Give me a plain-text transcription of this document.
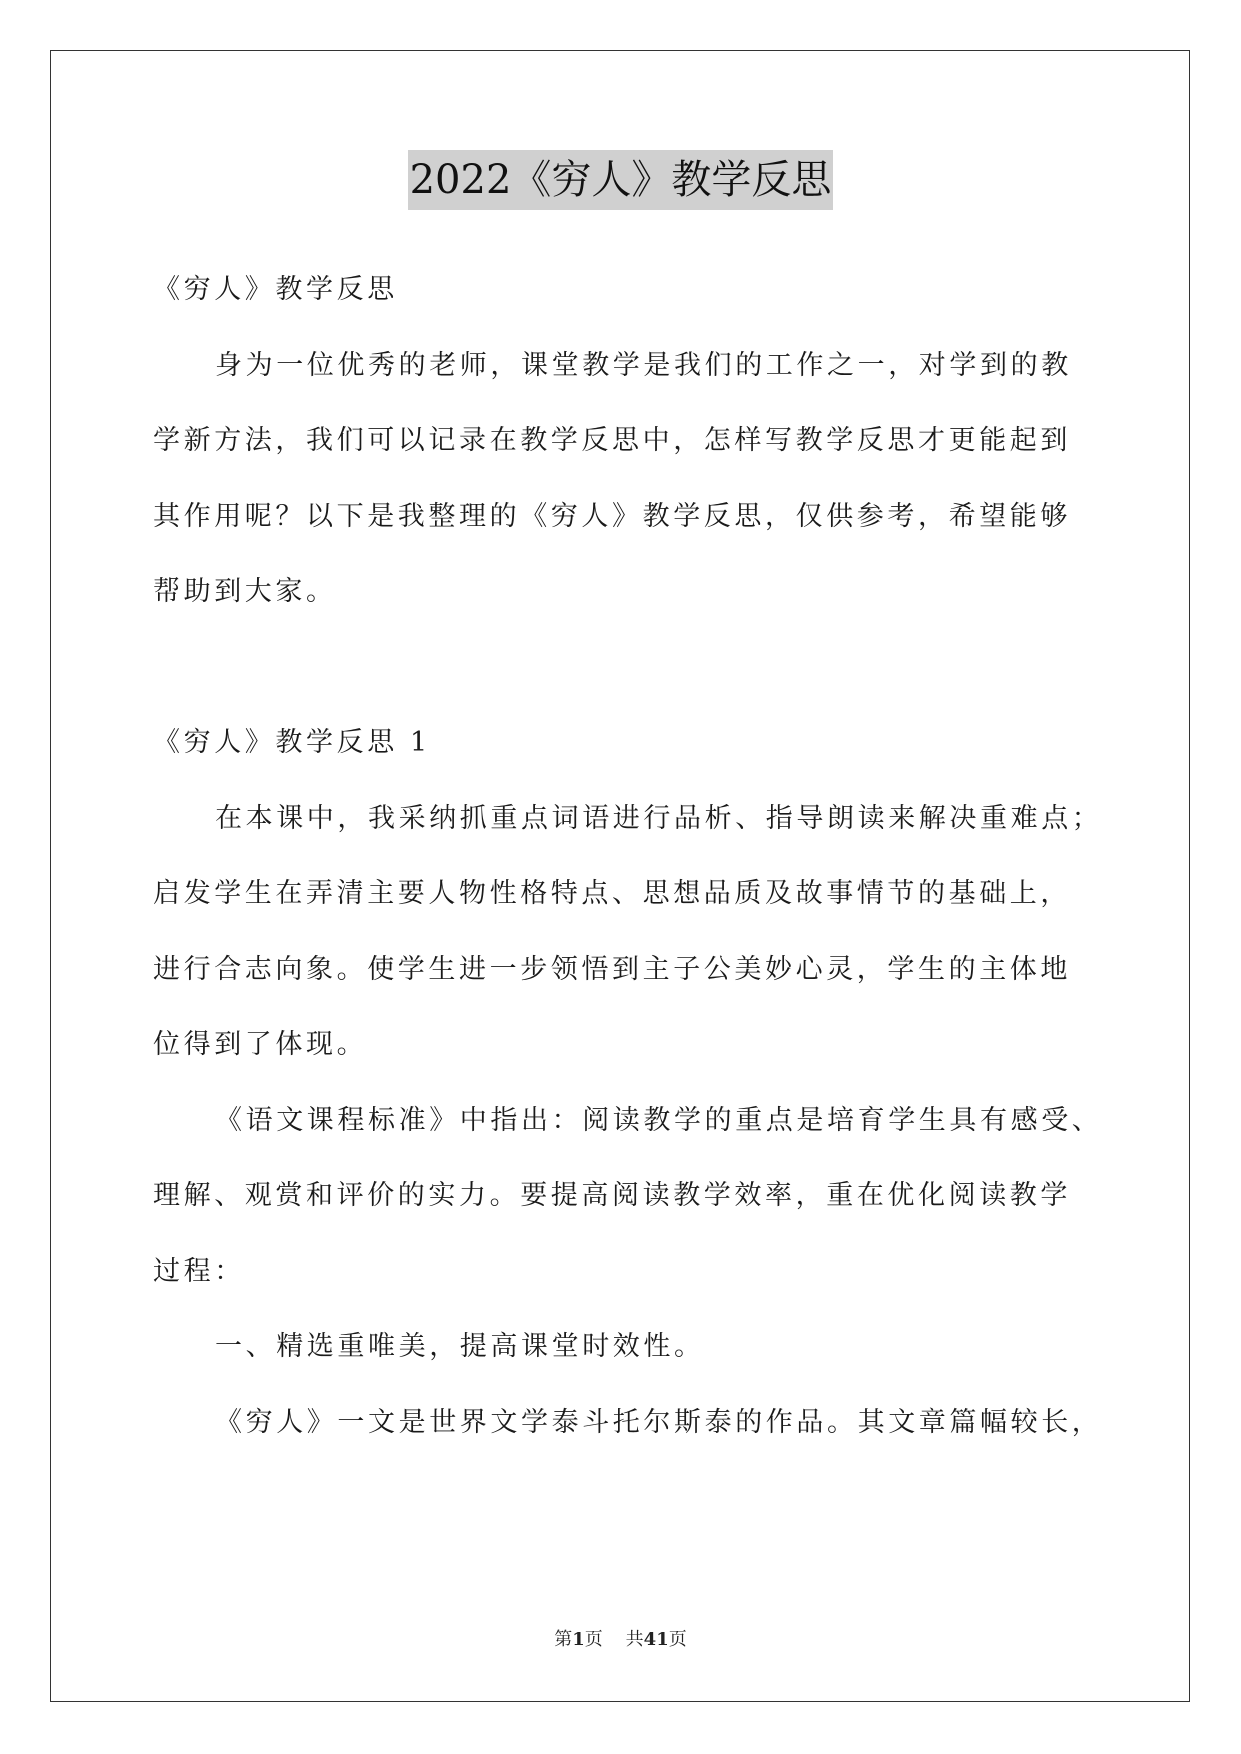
2022《穷人》教学反思
《穷人》教学反思
身为一位优秀的老师，课堂教学是我们的工作之一，对学到的教
学新方法，我们可以记录在教学反思中，怎样写教学反思才更能起到
其作用呢？以下是我整理的《穷人》教学反思，仅供参考，希望能够
帮助到大家。
《穷人》教学反思 1
在本课中，我采纳抓重点词语进行品析、指导朗读来解决重难点；
启发学生在弄清主要人物性格特点、思想品质及故事情节的基础上，
进行合志向象。使学生进一步领悟到主子公美妙心灵，学生的主体地
位得到了体现。
《语文课程标准》中指出：阅读教学的重点是培育学生具有感受、
理解、观赏和评价的实力。要提高阅读教学效率，重在优化阅读教学
过程：
一、精选重唯美，提高课堂时效性。
《穷人》一文是世界文学泰斗托尔斯泰的作品。其文章篇幅较长，
第1页 共41页
